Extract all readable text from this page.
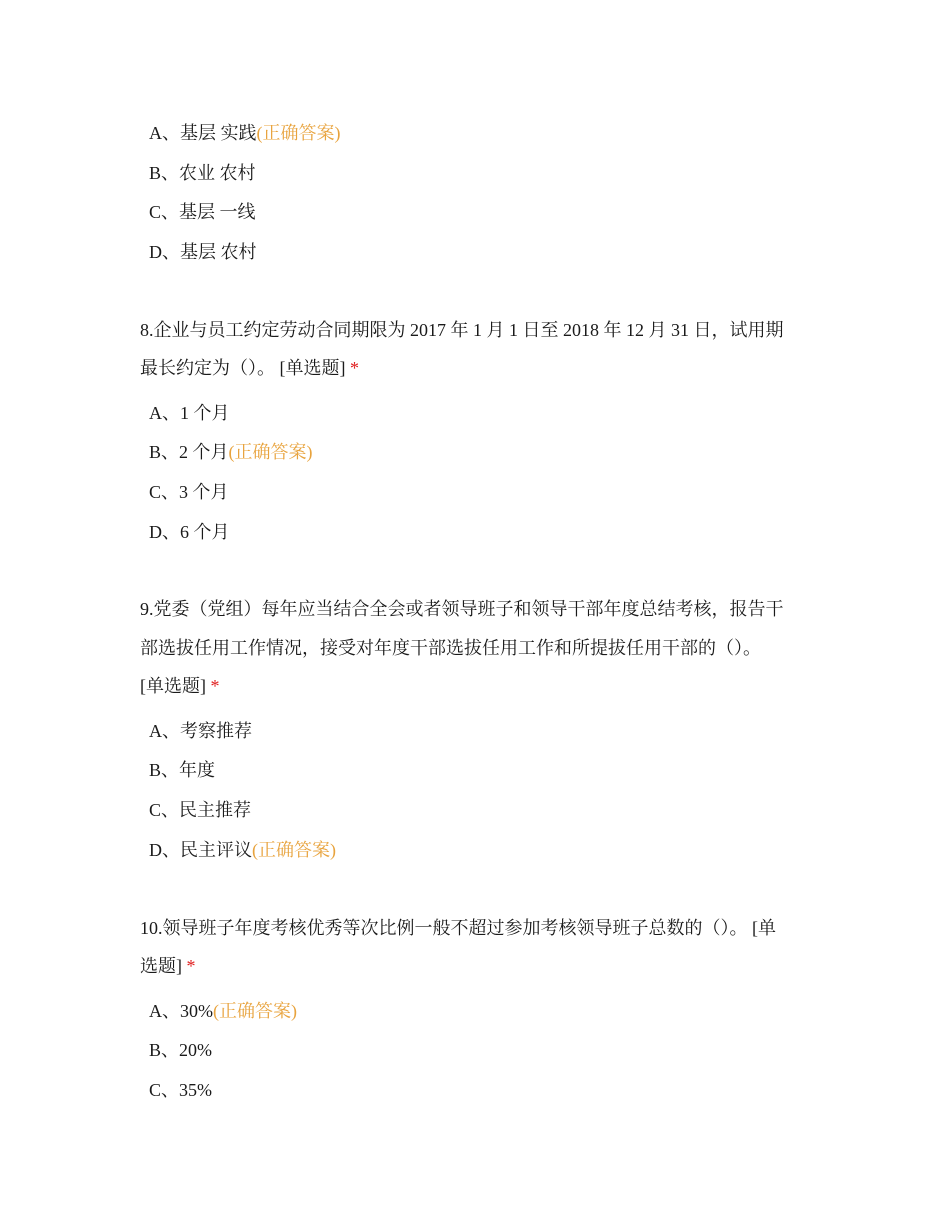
A、基层 实践(正确答案)
B、农业 农村
C、基层 一线
D、基层 农村
8.企业与员工约定劳动合同期限为 2017 年 1 月 1 日至 2018 年 12 月 31 日，试用期
最长约定为（）。 [单选题] *
A、1 个月
B、2 个月(正确答案)
C、3 个月
D、6 个月
9.党委（党组）每年应当结合全会或者领导班子和领导干部年度总结考核，报告干
部选拔任用工作情况，接受对年度干部选拔任用工作和所提拔任用干部的（）。
[单选题] *
A、考察推荐
B、年度
C、民主推荐
D、民主评议(正确答案)
10.领导班子年度考核优秀等次比例一般不超过参加考核领导班子总数的（）。 [单
选题] *
A、30%(正确答案)
B、20%
C、35%
